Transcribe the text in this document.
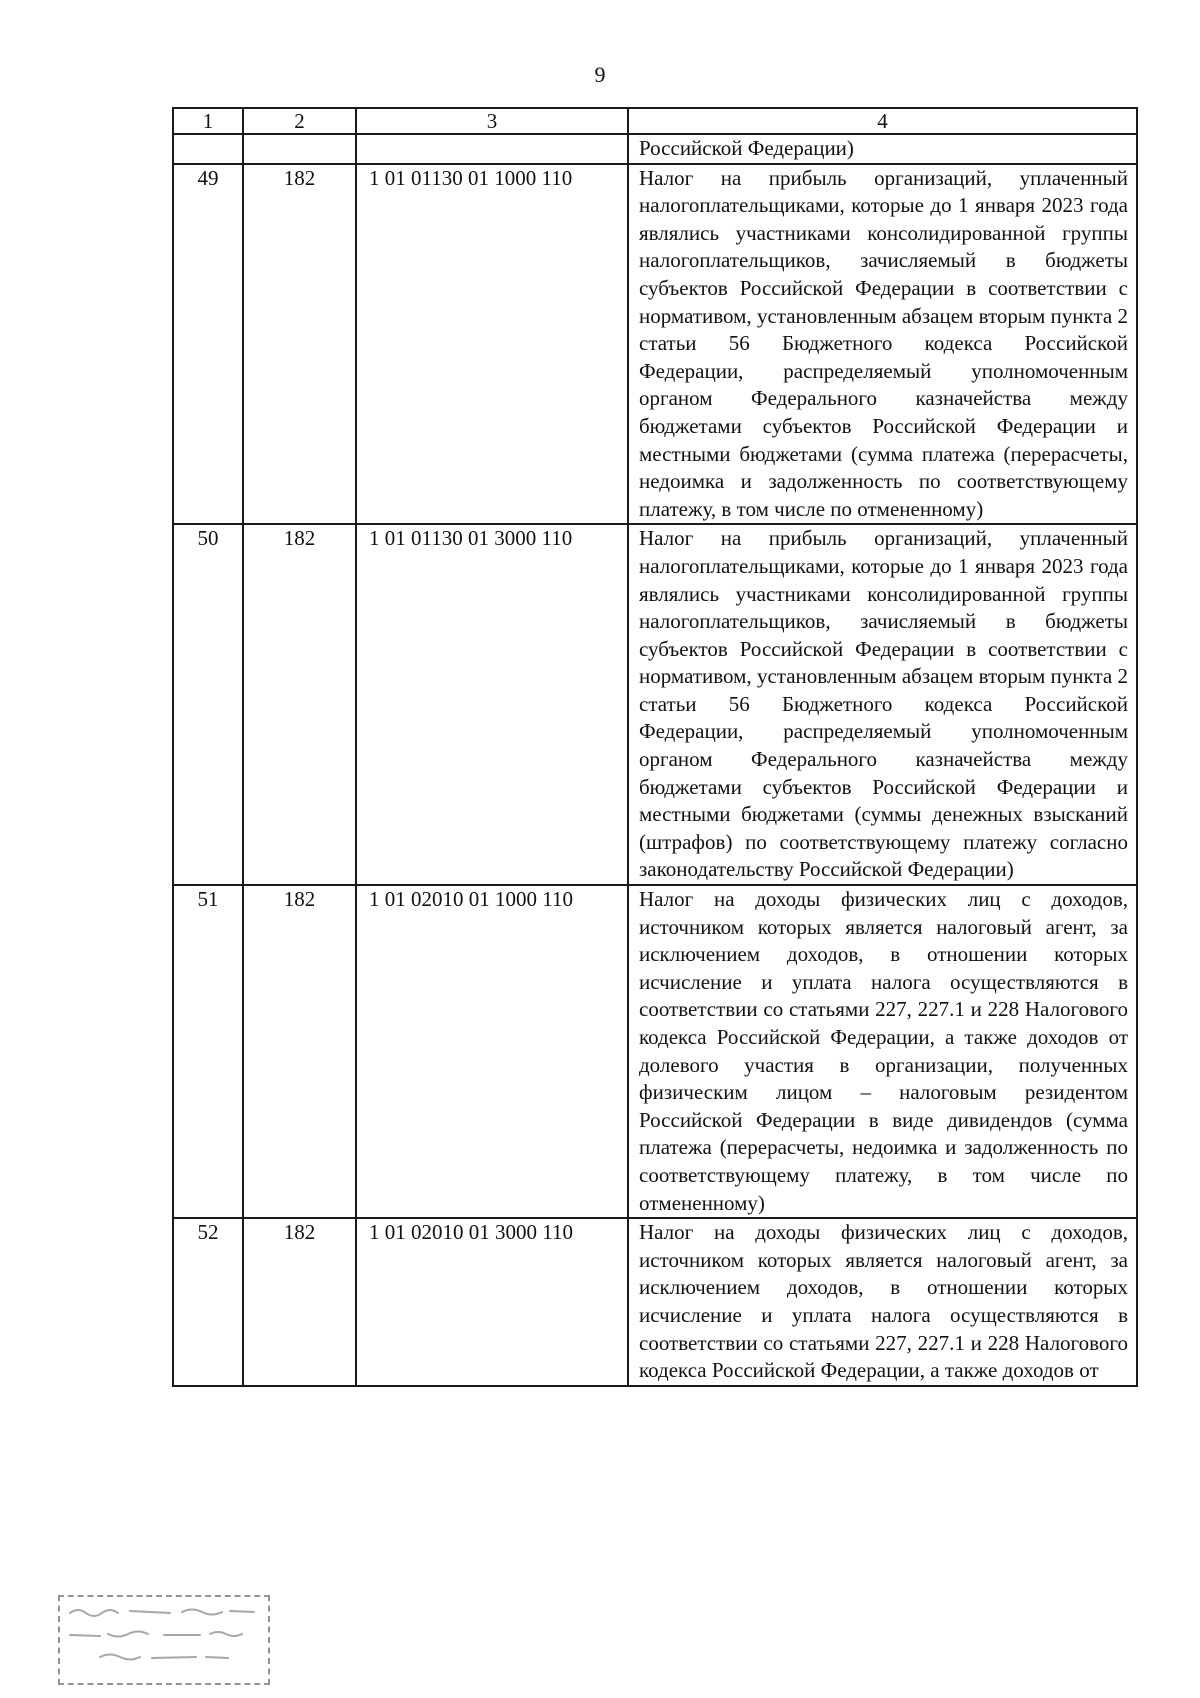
9
1	2	3	4
			Российской Федерации)
49	182	1 01 01130 01 1000 110	Налог на прибыль организаций, уплаченный налогоплательщиками, которые до 1 января 2023 года являлись участниками консолидированной группы налогоплательщиков, зачисляемый в бюджеты субъектов Российской Федерации в соответствии с нормативом, установленным абзацем вторым пункта 2 статьи 56 Бюджетного кодекса Российской Федерации, распределяемый уполномоченным органом Федерального казначейства между бюджетами субъектов Российской Федерации и местными бюджетами (сумма платежа (перерасчеты, недоимка и задолженность по соответствующему платежу, в том числе по отмененному)
50	182	1 01 01130 01 3000 110	Налог на прибыль организаций, уплаченный налогоплательщиками, которые до 1 января 2023 года являлись участниками консолидированной группы налогоплательщиков, зачисляемый в бюджеты субъектов Российской Федерации в соответствии с нормативом, установленным абзацем вторым пункта 2 статьи 56 Бюджетного кодекса Российской Федерации, распределяемый уполномоченным органом Федерального казначейства между бюджетами субъектов Российской Федерации и местными бюджетами (суммы денежных взысканий (штрафов) по соответствующему платежу согласно законодательству Российской Федерации)
51	182	1 01 02010 01 1000 110	Налог на доходы физических лиц с доходов, источником которых является налоговый агент, за исключением доходов, в отношении которых исчисление и уплата налога осуществляются в соответствии со статьями 227, 227.1 и 228 Налогового кодекса Российской Федерации, а также доходов от долевого участия в организации, полученных физическим лицом – налоговым резидентом Российской Федерации в виде дивидендов (сумма платежа (перерасчеты, недоимка и задолженность по соответствующему платежу, в том числе по отмененному)
52	182	1 01 02010 01 3000 110	Налог на доходы физических лиц с доходов, источником которых является налоговый агент, за исключением доходов, в отношении которых исчисление и уплата налога осуществляются в соответствии со статьями 227, 227.1 и 228 Налогового кодекса Российской Федерации, а также доходов от
